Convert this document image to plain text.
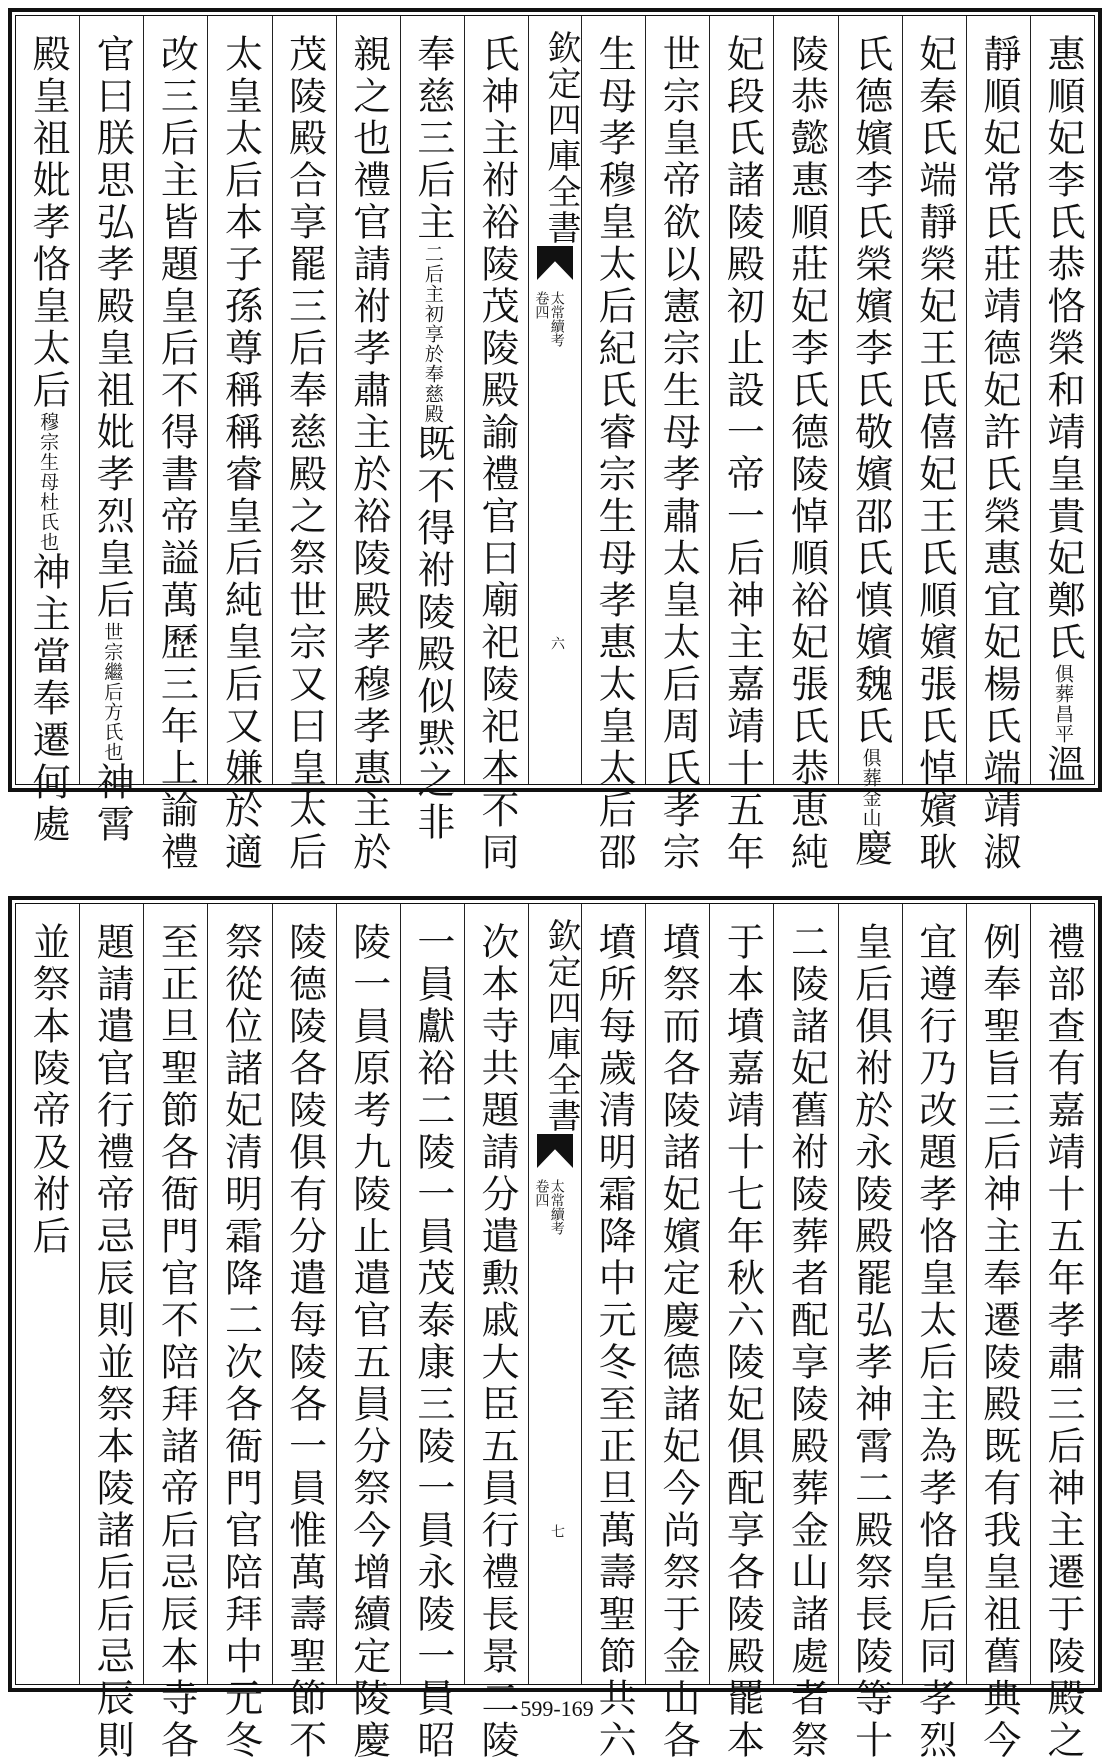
惠順妃李氏恭恪榮和靖皇貴妃鄭氏俱葬昌平溫
靜順妃常氏莊靖德妃許氏榮惠宜妃楊氏端靖淑
妃秦氏端靜榮妃王氏僖妃王氏順嬪張氏悼嬪耿
氏德嬪李氏榮嬪李氏敬嬪邵氏慎嬪魏氏俱葬金山慶
陵恭懿惠順莊妃李氏德陵悼順裕妃張氏恭恵純
妃段氏諸陵殿初止設一帝一后神主嘉靖十五年
世宗皇帝欲以憲宗生母孝肅太皇太后周氏孝宗
生母孝穆皇太后紀氏睿宗生母孝惠太皇太后邵
欽定四庫全書
太常續考
卷四
六
氏神主祔裕陵茂陵殿諭禮官曰廟祀陵祀本不同
奉慈三后主二后主初享於奉慈殿既不得祔陵殿似黙之非
親之也禮官請祔孝肅主於裕陵殿孝穆孝惠主於
茂陵殿合享罷三后奉慈殿之祭世宗又曰皇太后
太皇太后本子孫尊稱稱睿皇后純皇后又嫌於適
改三后主皆題皇后不得書帝謚萬歷三年上諭禮
官曰朕思弘孝殿皇祖妣孝烈皇后世宗繼后方氏也神霄
殿皇祖妣孝恪皇太后穆宗生母杜氏也神主當奉遷何處
禮部查有嘉靖十五年孝肅三后神主遷于陵殿之
例奉聖旨三后神主奉遷陵殿既有我皇祖舊典今
宜遵行乃改題孝恪皇太后主為孝恪皇后同孝烈
皇后俱祔於永陵殿罷弘孝神霄二殿祭長陵等十
二陵諸妃舊祔陵葬者配享陵殿葬金山諸處者祭
于本墳嘉靖十七年秋六陵妃俱配享各陵殿罷本
墳祭而各陵諸妃嬪定慶德諸妃今尚祭于金山各
墳所每歲清明霜降中元冬至正旦萬壽聖節共六
欽定四庫全書
太常續考
卷四
七
次本寺共題請分遣勲戚大臣五員行禮長景二陵
一員獻裕二陵一員茂泰康三陵一員永陵一員昭
陵一員原考九陵止遣官五員分祭今增續定陵慶
陵德陵各陵俱有分遣每陵各一員惟萬壽聖節不
祭從位諸妃清明霜降二次各衙門官陪拜中元冬
至正旦聖節各衙門官不陪拜諸帝后忌辰本寺各
題請遣官行禮帝忌辰則並祭本陵諸后后忌辰則
並祭本陵帝及祔后
599-169
